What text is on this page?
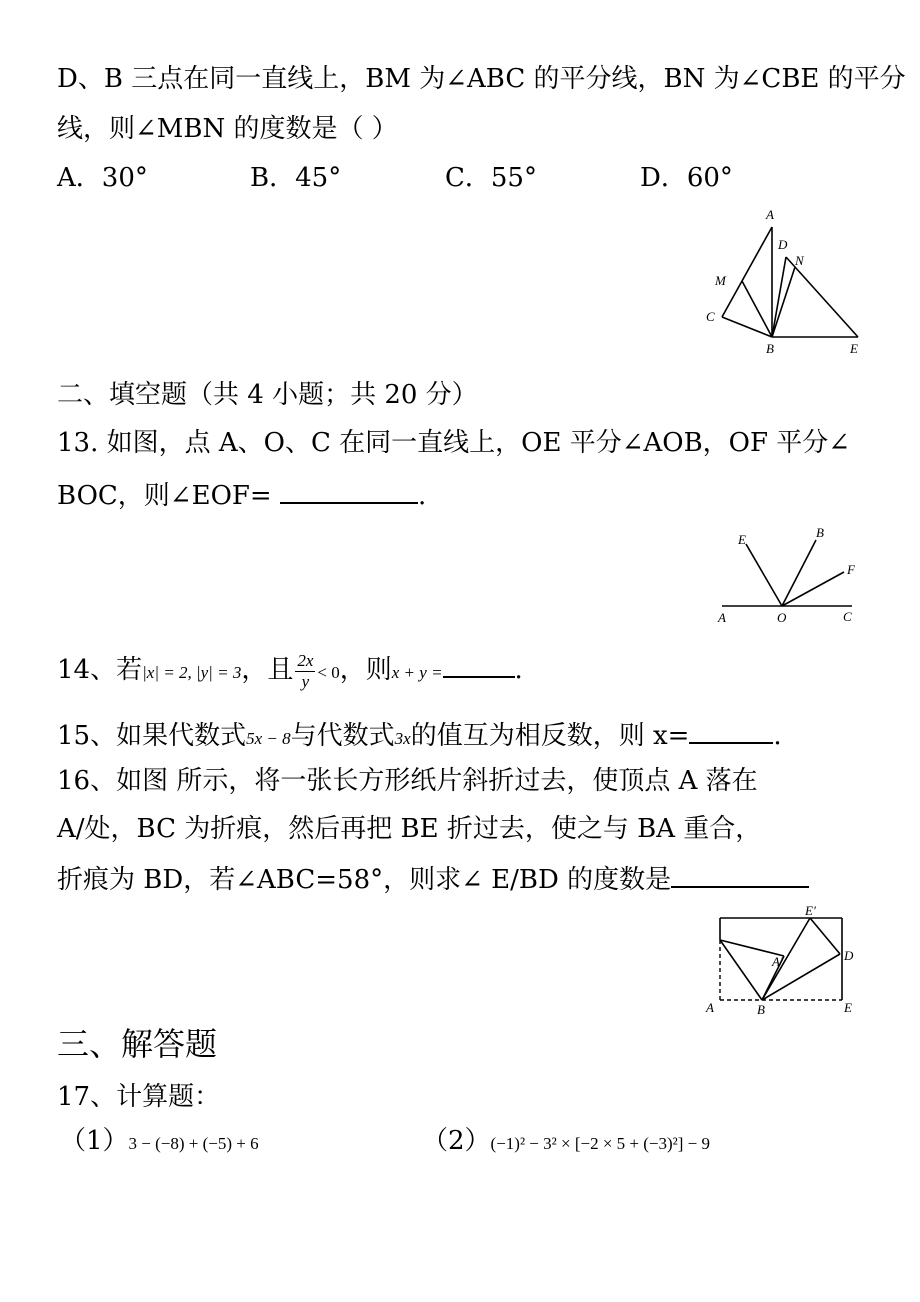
D、B 三点在同一直线上，BM 为∠ABC 的平分线，BN 为∠CBE 的平分
线，则∠MBN 的度数是（ ）
A．30°	B．45°	C．55°	D．60°
A
D
N
M
C
B	E
二、填空题（共 4 小题；共 20 分）
13. 如图，点 A、O、C 在同一直线上，OE 平分∠AOB，OF 平分∠
BOC，则∠EOF=	.
E	B
F
A	O	C
14、若|x| = 2, |y| = 3，且 $\frac{2x}{y} < 0$，则x + y =	.
15、如果代数式5x − 8与代数式3x的值互为相反数，则 x=	.
16、如图 所示，将一张长方形纸片斜折过去，使顶点 A 落在
A/处，BC 为折痕，然后再把 BE 折过去，使之与 BA 重合，
折痕为 BD，若∠ABC=58°，则求∠ E/BD 的度数是
E'
A'	D
A	B	E
三、解答题
17、计算题：
（1）3 − (−8) + (−5) + 6	（2）(−1)² − 3² × [−2 × 5 + (−3)²] − 9
